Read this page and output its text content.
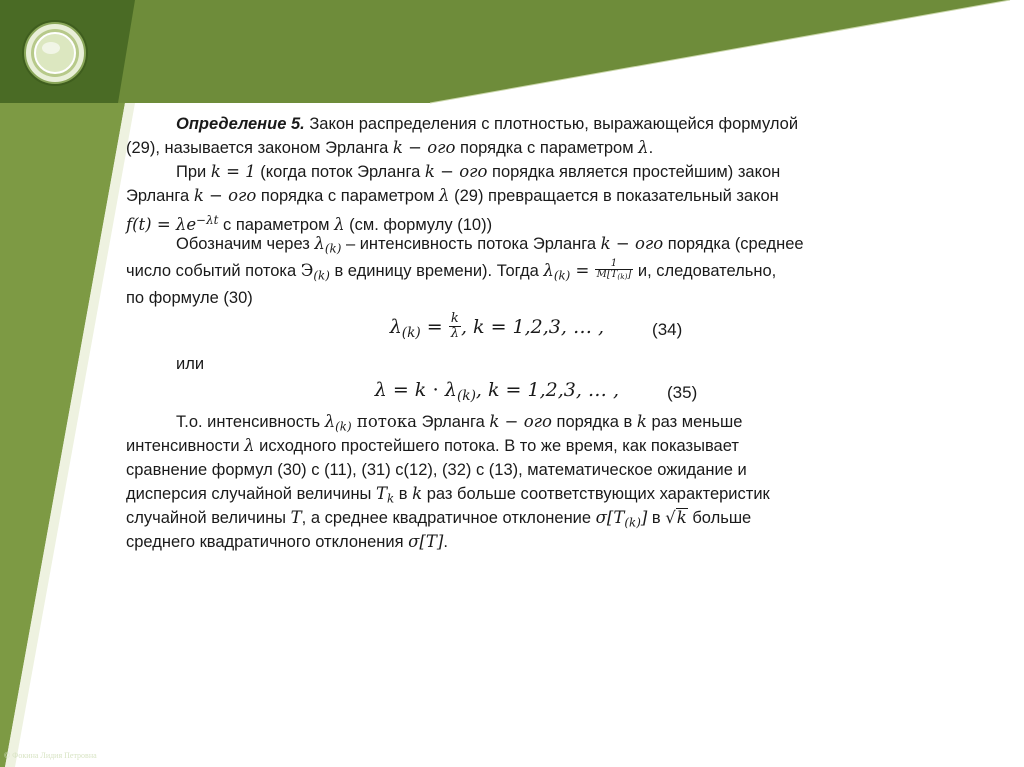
Определение 5. Закон распределения с плотностью, выражающейся формулой
(29), называется законом Эрланга 𝑘 − ого порядка с параметром λ.
При 𝑘 = 1 (когда поток Эрланга 𝑘 − ого порядка является простейшим) закон
Эрланга 𝑘 − ого порядка с параметром λ (29) превращается в показательный закон
𝑓(𝑡) = 𝜆𝑒$^{-𝜆𝑡}$ с параметром λ (см. формулу (10))
Обозначим через 𝜆$_{(𝑘)}$ – интенсивность потока Эрланга 𝑘 − ого порядка (среднее
число событий потока $Э_{(𝑘)}$ в единицу времени). Тогда 𝜆$_{(𝑘)}$ = $\frac{1}{𝑀[𝑇_{(𝑘)}]} и$, следовательно,
по формуле (30)
𝜆$_{(𝑘)}$ = $\frac{\text{𝑘}}{\text{𝜆}}$ , 𝑘 = 1,2,3, … ,	(34)
или
𝜆 = 𝑘 ⋅ 𝜆$_{(𝑘)}$, 𝑘 = 1,2,3, … ,	(35)
Т.о. интенсивность 𝜆$_{(𝑘)}$ потока Эрланга 𝑘 − ого порядка в k раз меньше
интенсивности λ исходного простейшего потока. В то же время, как показывает
сравнение формул (30) с (11), (31) с(12), (32) с (13), математическое ожидание и
дисперсия случайной величины 𝑇$_𝑘$ в k раз больше соответствующих характеристик
случайной величины 𝑇, а среднее квадратичное отклонение 𝜎[𝑇$_{(𝑘)}$] в √𝑘 больше
среднего квадратичного отклонения 𝜎[𝑇].
© Фокина Лидия Петровна
